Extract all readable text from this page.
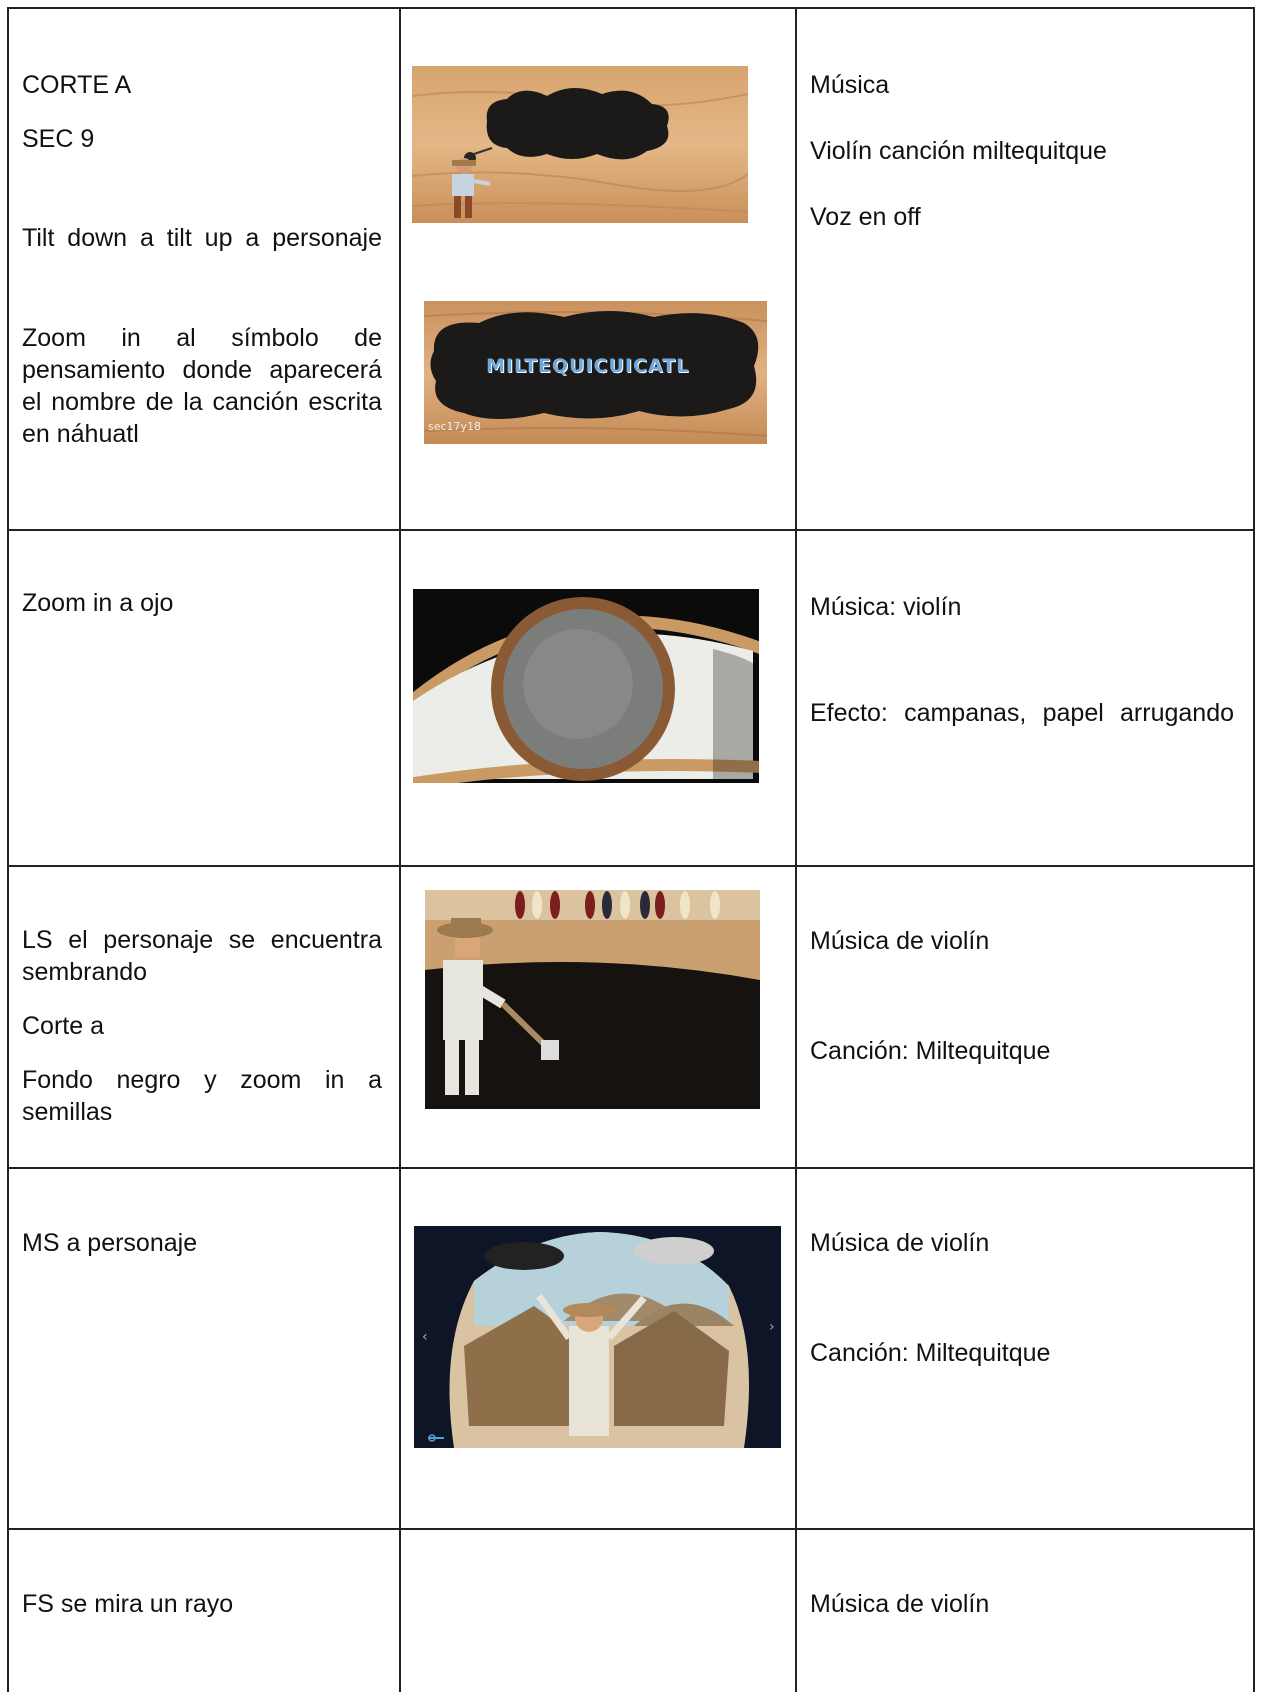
CORTE A

SEC 9

Tilt down a tilt up a personaje

Zoom in al símbolo de pensamiento donde aparecerá el nombre de la canción escrita en náhuatl

MILTEQUICUICATL
sec17y18

Música

Violín canción miltequitque

Voz en off

Zoom in a ojo	Música: violín

Efecto: campanas, papel arrugando

LS el personaje se encuentra sembrando

Corte a

Fondo negro y zoom in a semillas

Música de violín

Canción: Miltequitque

MS a personaje

‹
›

Música de violín

Canción: Miltequitque

FS se mira un rayo	Música de violín
